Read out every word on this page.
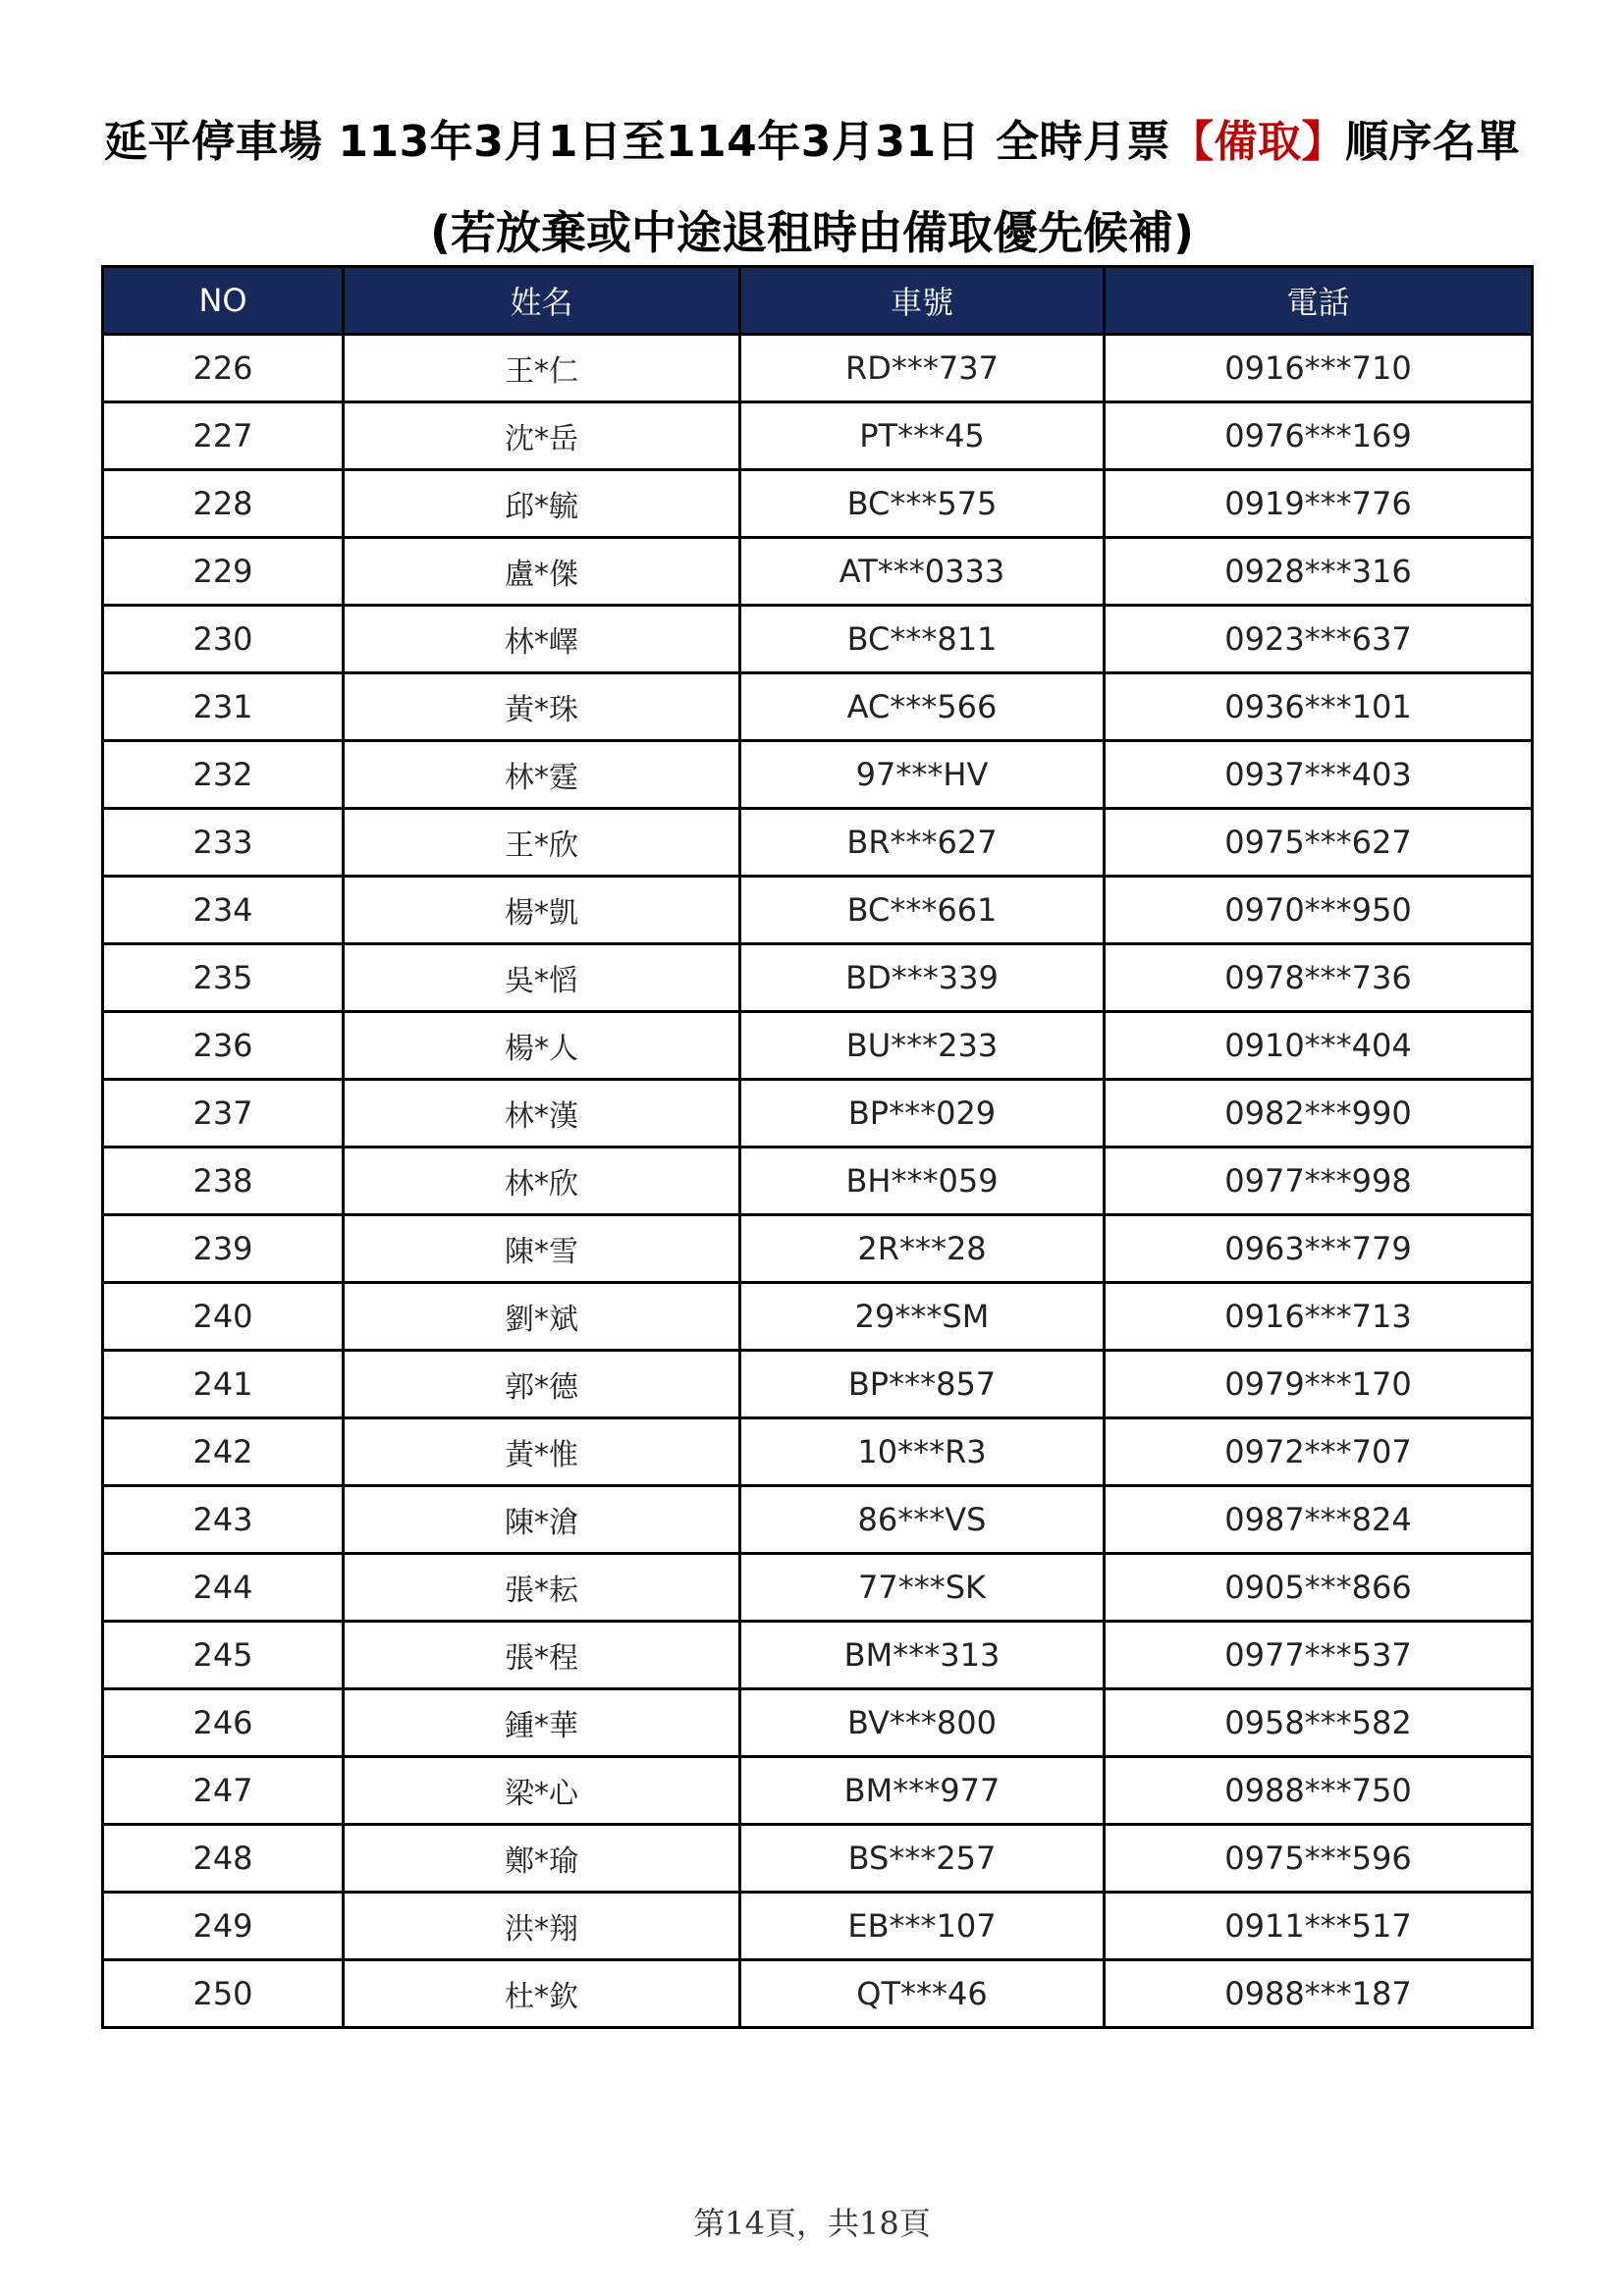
延平停車場 113年3月1日至114年3月31日 全時月票【備取】順序名單
(若放棄或中途退租時由備取優先候補)
NO	姓名	車號	電話
226	王*仁	RD***737	0916***710
227	沈*岳	PT***45	0976***169
228	邱*毓	BC***575	0919***776
229	盧*傑	AT***0333	0928***316
230	林*嶧	BC***811	0923***637
231	黃*珠	AC***566	0936***101
232	林*霆	97***HV	0937***403
233	王*欣	BR***627	0975***627
234	楊*凱	BC***661	0970***950
235	吳*慆	BD***339	0978***736
236	楊*人	BU***233	0910***404
237	林*漢	BP***029	0982***990
238	林*欣	BH***059	0977***998
239	陳*雪	2R***28	0963***779
240	劉*斌	29***SM	0916***713
241	郭*德	BP***857	0979***170
242	黃*惟	10***R3	0972***707
243	陳*滄	86***VS	0987***824
244	張*耘	77***SK	0905***866
245	張*程	BM***313	0977***537
246	鍾*華	BV***800	0958***582
247	梁*心	BM***977	0988***750
248	鄭*瑜	BS***257	0975***596
249	洪*翔	EB***107	0911***517
250	杜*欽	QT***46	0988***187
第14頁，共18頁
